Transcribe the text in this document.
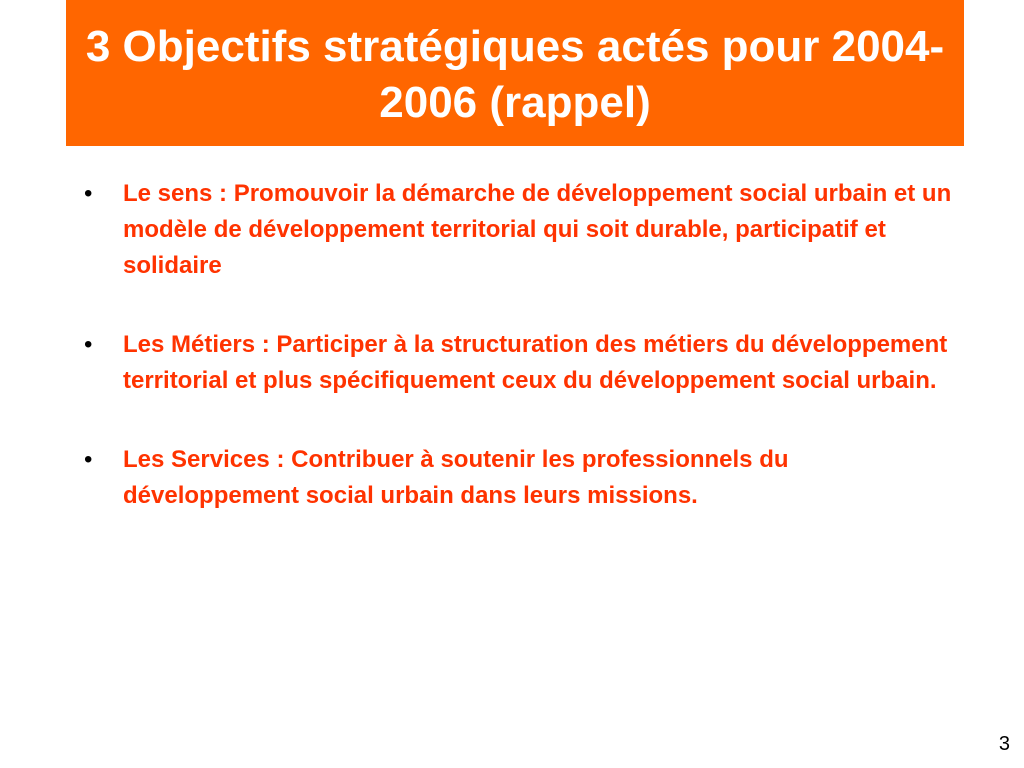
3 Objectifs stratégiques actés pour 2004-2006 (rappel)
• Le sens : Promouvoir la démarche de développement social urbain et un modèle de développement territorial qui soit durable, participatif et solidaire
• Les Métiers : Participer à la structuration des métiers du développement territorial et plus spécifiquement ceux du développement social urbain.
• Les Services : Contribuer à soutenir les professionnels du développement social urbain dans leurs missions.
3
